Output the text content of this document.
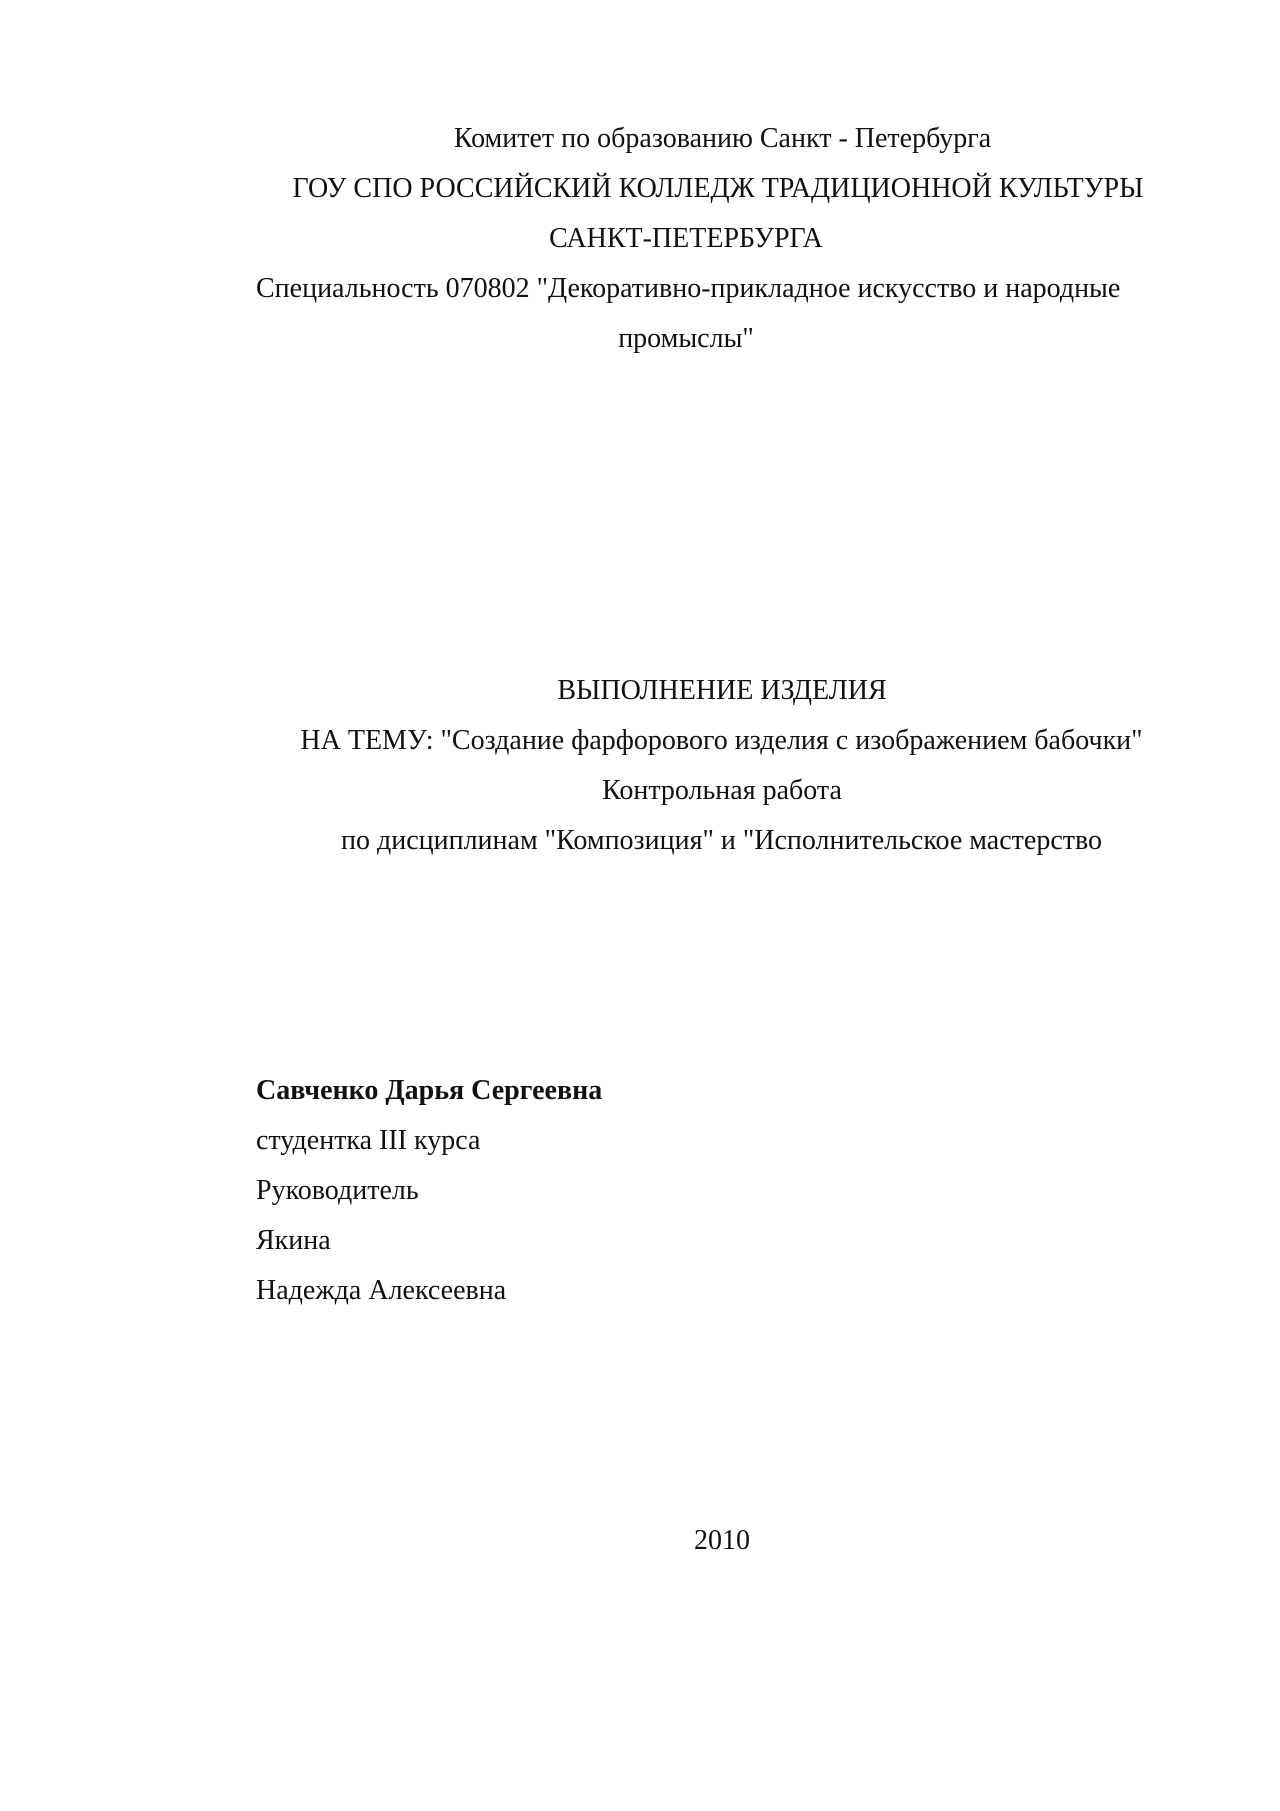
Комитет по образованию Санкт - Петербурга

ГОУ СПО РОССИЙСКИЙ КОЛЛЕДЖ ТРАДИЦИОННОЙ КУЛЬТУРЫ

САНКТ-ПЕТЕРБУРГА

Специальность 070802 "Декоративно-прикладное искусство и народные

промыслы"

ВЫПОЛНЕНИЕ ИЗДЕЛИЯ

НА ТЕМУ: "Создание фарфорового изделия с изображением бабочки"

Контрольная работа

по дисциплинам "Композиция" и "Исполнительское мастерство

Савченко Дарья Сергеевна

студентка III курса

Руководитель

Якина

Надежда Алексеевна

2010
